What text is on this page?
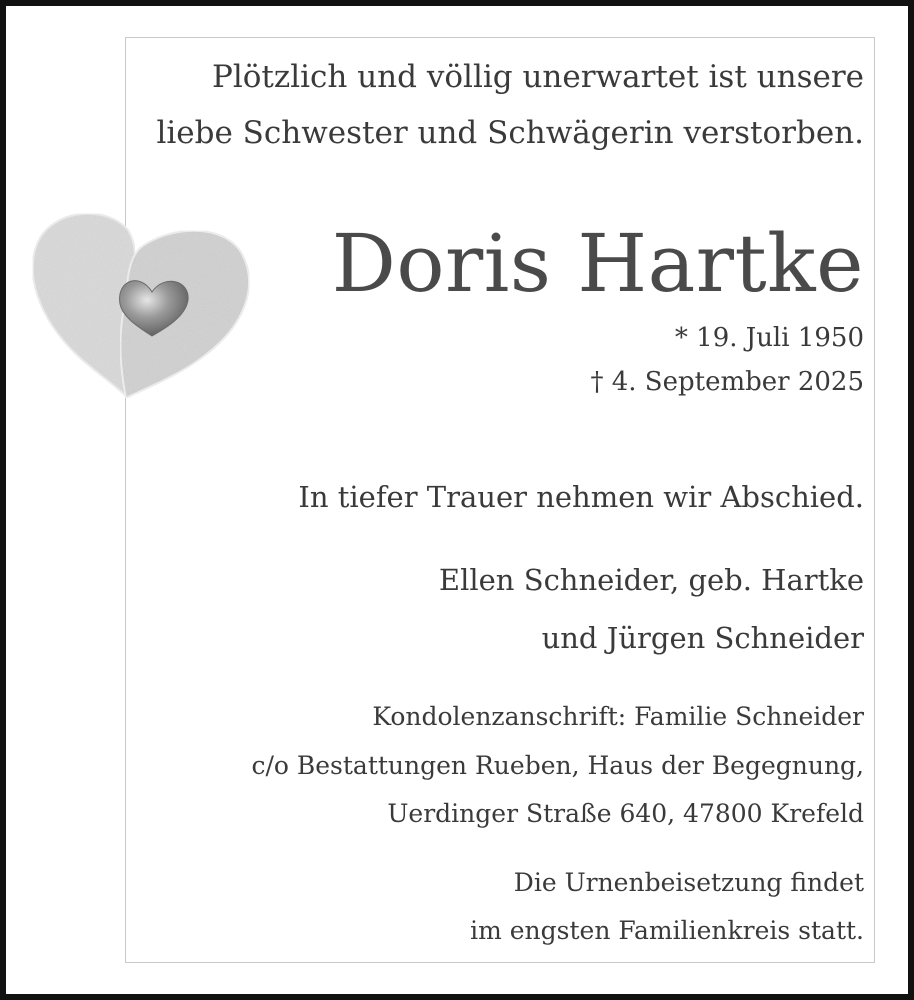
Plötzlich und völlig unerwartet ist unsere

liebe Schwester und Schwägerin verstorben.

Doris Hartke

* 19. Juli 1950

† 4. September 2025

In tiefer Trauer nehmen wir Abschied.

Ellen Schneider, geb. Hartke

und Jürgen Schneider

Kondolenzanschrift: Familie Schneider

c/o Bestattungen Rueben, Haus der Begegnung,

Uerdinger Straße 640, 47800 Krefeld

Die Urnenbeisetzung findet

im engsten Familienkreis statt.
